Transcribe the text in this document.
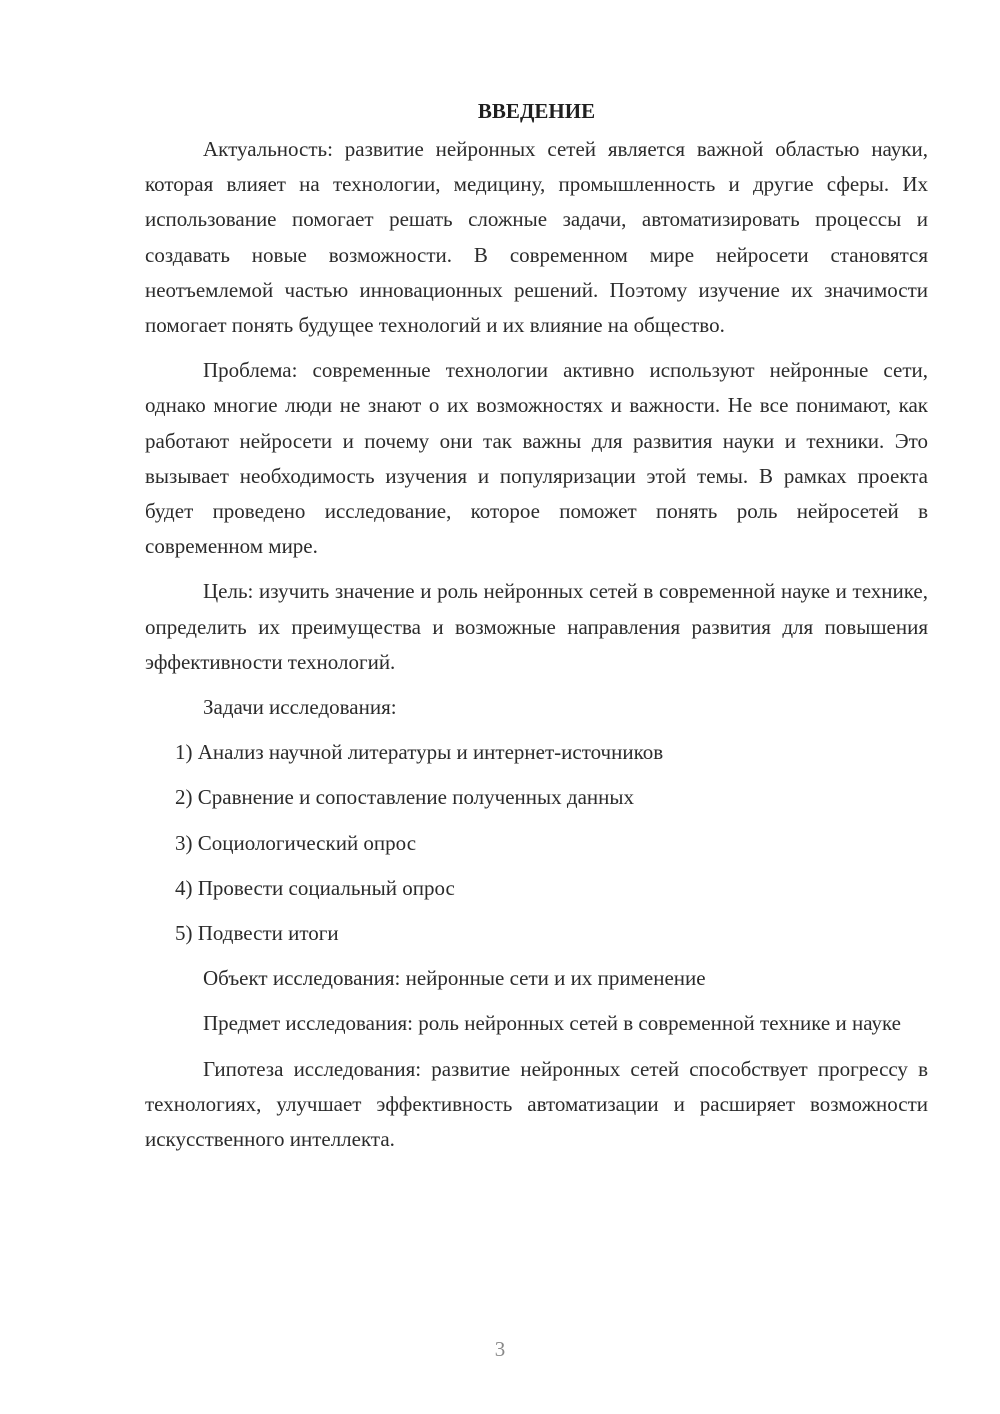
ВВЕДЕНИЕ

Актуальность: развитие нейронных сетей является важной областью науки, которая влияет на технологии, медицину, промышленность и другие сферы. Их использование помогает решать сложные задачи, автоматизировать процессы и создавать новые возможности. В современном мире нейросети становятся неотъемлемой частью инновационных решений. Поэтому изучение их значимости помогает понять будущее технологий и их влияние на общество.

Проблема: современные технологии активно используют нейронные сети, однако многие люди не знают о их возможностях и важности. Не все понимают, как работают нейросети и почему они так важны для развития науки и техники. Это вызывает необходимость изучения и популяризации этой темы. В рамках проекта будет проведено исследование, которое поможет понять роль нейросетей в современном мире.

Цель: изучить значение и роль нейронных сетей в современной науке и технике, определить их преимущества и возможные направления развития для повышения эффективности технологий.

Задачи исследования:

1) Анализ научной литературы и интернет-источников

2) Сравнение и сопоставление полученных данных

3) Социологический опрос

4) Провести социальный опрос

5) Подвести итоги

Объект исследования: нейронные сети и их применение

Предмет исследования: роль нейронных сетей в современной технике и науке

Гипотеза исследования: развитие нейронных сетей способствует прогрессу в технологиях, улучшает эффективность автоматизации и расширяет возможности искусственного интеллекта.

3
